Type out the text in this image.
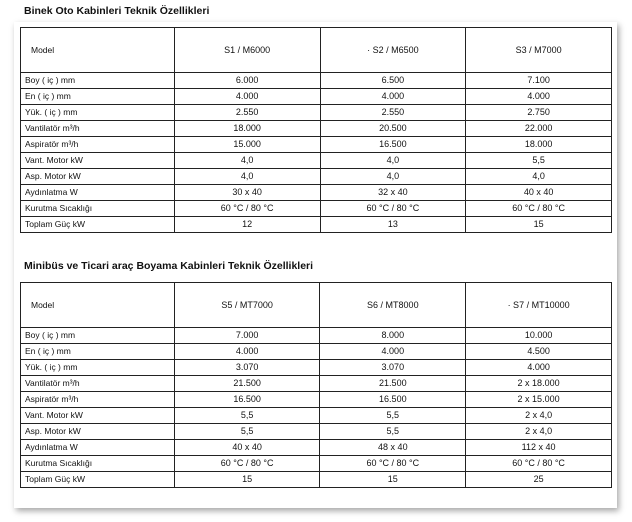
Binek Oto Kabinleri Teknik Özellikleri
Model	S1 / M6000	· S2 / M6500	S3 / M7000
Boy ( iç ) mm	6.000	6.500	7.100
En ( iç ) mm	4.000	4.000	4.000
Yük. ( iç ) mm	2.550	2.550	2.750
Vantilatör m³/h	18.000	20.500	22.000
Aspiratör m³/h	15.000	16.500	18.000
Vant. Motor kW	4,0	4,0	5,5
Asp. Motor kW	4,0	4,0	4,0
Aydınlatma W	30 x 40	32 x 40	40 x 40
Kurutma Sıcaklığı	60 °C / 80 °C	60 °C / 80 °C	60 °C / 80 °C
Toplam Güç kW	12	13	15
Minibüs ve Ticari araç Boyama Kabinleri Teknik Özellikleri
Model	S5 / MT7000	S6 / MT8000	· S7 / MT10000
Boy ( iç ) mm	7.000	8.000	10.000
En ( iç ) mm	4.000	4.000	4.500
Yük. ( iç ) mm	3.070	3.070	4.000
Vantilatör m³/h	21.500	21.500	2 x 18.000
Aspiratör m³/h	16.500	16.500	2 x 15.000
Vant. Motor kW	5,5	5,5	2 x 4,0
Asp. Motor kW	5,5	5,5	2 x 4,0
Aydınlatma W	40 x 40	48 x 40	112 x 40
Kurutma Sıcaklığı	60 °C / 80 °C	60 °C / 80 °C	60 °C / 80 °C
Toplam Güç kW	15	15	25
